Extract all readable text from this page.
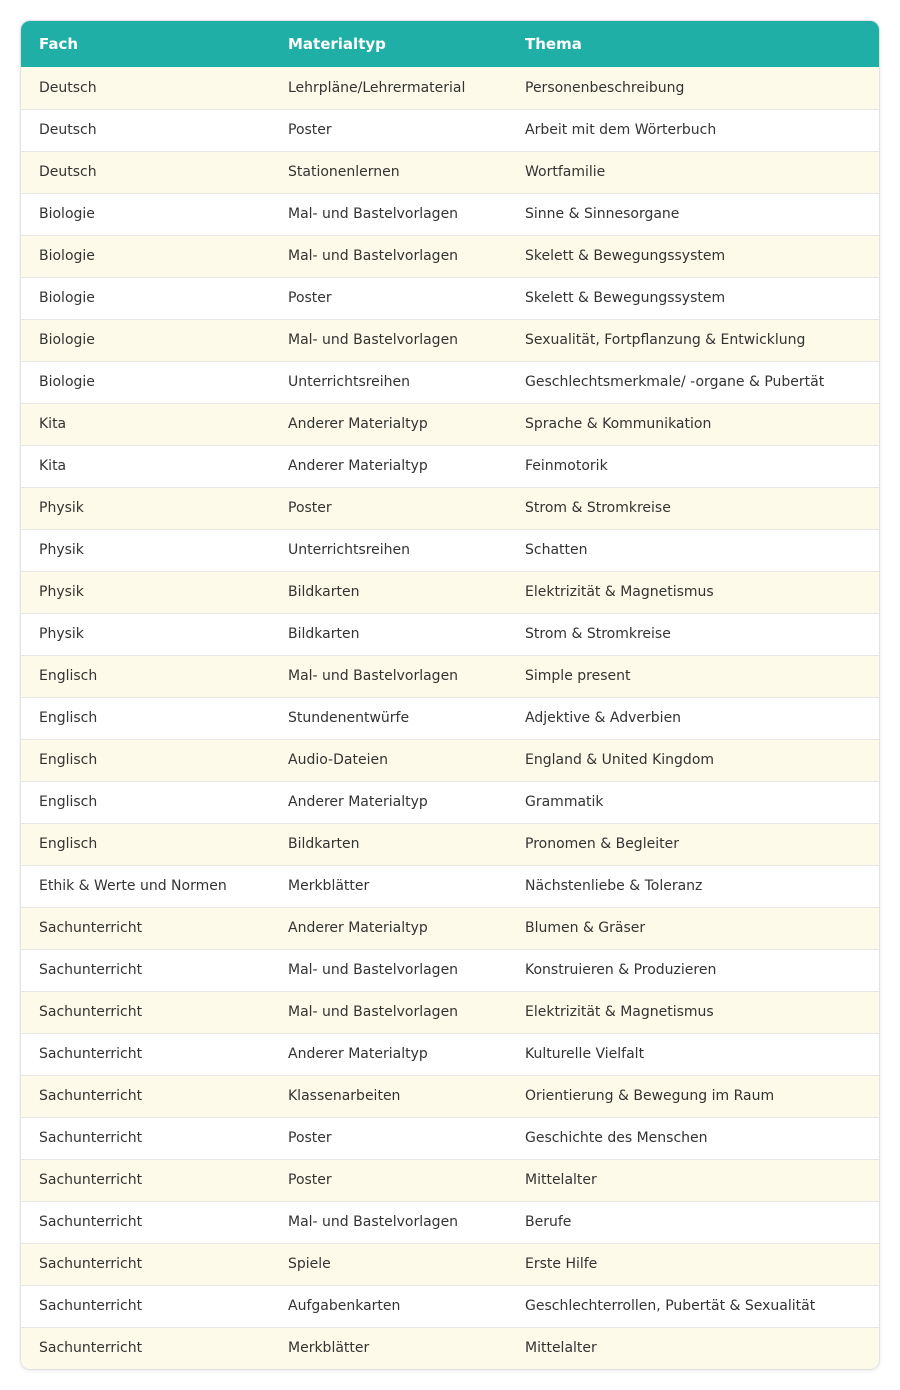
Fach	Materialtyp	Thema
Deutsch	Lehrpläne/Lehrermaterial	Personenbeschreibung
Deutsch	Poster	Arbeit mit dem Wörterbuch
Deutsch	Stationenlernen	Wortfamilie
Biologie	Mal- und Bastelvorlagen	Sinne & Sinnesorgane
Biologie	Mal- und Bastelvorlagen	Skelett & Bewegungssystem
Biologie	Poster	Skelett & Bewegungssystem
Biologie	Mal- und Bastelvorlagen	Sexualität, Fortpflanzung & Entwicklung
Biologie	Unterrichtsreihen	Geschlechtsmerkmale/ -organe & Pubertät
Kita	Anderer Materialtyp	Sprache & Kommunikation
Kita	Anderer Materialtyp	Feinmotorik
Physik	Poster	Strom & Stromkreise
Physik	Unterrichtsreihen	Schatten
Physik	Bildkarten	Elektrizität & Magnetismus
Physik	Bildkarten	Strom & Stromkreise
Englisch	Mal- und Bastelvorlagen	Simple present
Englisch	Stundenentwürfe	Adjektive & Adverbien
Englisch	Audio-Dateien	England & United Kingdom
Englisch	Anderer Materialtyp	Grammatik
Englisch	Bildkarten	Pronomen & Begleiter
Ethik & Werte und Normen	Merkblätter	Nächstenliebe & Toleranz
Sachunterricht	Anderer Materialtyp	Blumen & Gräser
Sachunterricht	Mal- und Bastelvorlagen	Konstruieren & Produzieren
Sachunterricht	Mal- und Bastelvorlagen	Elektrizität & Magnetismus
Sachunterricht	Anderer Materialtyp	Kulturelle Vielfalt
Sachunterricht	Klassenarbeiten	Orientierung & Bewegung im Raum
Sachunterricht	Poster	Geschichte des Menschen
Sachunterricht	Poster	Mittelalter
Sachunterricht	Mal- und Bastelvorlagen	Berufe
Sachunterricht	Spiele	Erste Hilfe
Sachunterricht	Aufgabenkarten	Geschlechterrollen, Pubertät & Sexualität
Sachunterricht	Merkblätter	Mittelalter
